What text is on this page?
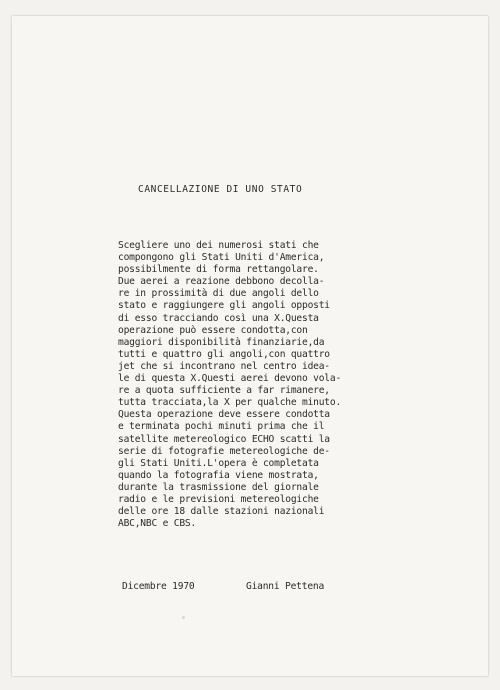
CANCELLAZIONE DI UNO STATO
Scegliere uno dei numerosi stati che
compongono gli Stati Uniti d'America,
possibilmente di forma rettangolare.
Due aerei a reazione debbono decolla-
re in prossimità di due angoli dello
stato e raggiungere gli angoli opposti
di esso tracciando così una X.Questa
operazione può essere condotta,con
maggiori disponibilità finanziarie,da
tutti e quattro gli angoli,con quattro
jet che si incontrano nel centro idea-
le di questa X.Questi aerei devono vola-
re a quota sufficiente a far rimanere,
tutta tracciata,la X per qualche minuto.
Questa operazione deve essere condotta
e terminata pochi minuti prima che il
satellite metereologico ECHO scatti la
serie di fotografie metereologiche de-
gli Stati Uniti.L'opera è completata
quando la fotografia viene mostrata,
durante la trasmissione del giornale
radio e le previsioni metereologiche
delle ore 18 dalle stazioni nazionali
ABC,NBC e CBS.
Dicembre 1970	Gianni Pettena
